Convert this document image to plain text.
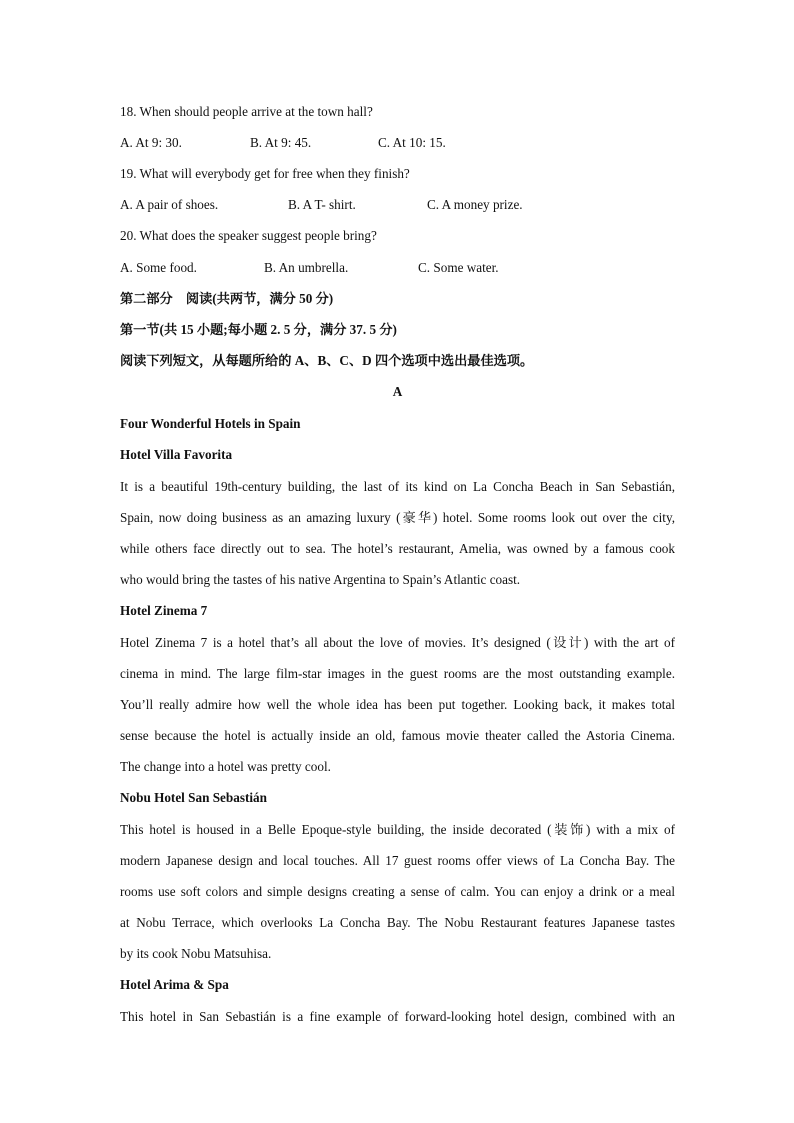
18. When should people arrive at the town hall?
A. At 9: 30.	B. At 9: 45.	C. At 10: 15.
19. What will everybody get for free when they finish?
A. A pair of shoes.	B. A T- shirt.	C. A money prize.
20. What does the speaker suggest people bring?
A. Some food.	B. An umbrella.	C. Some water.
第二部分　阅读(共两节，满分 50 分)
第一节(共 15 小题;每小题 2. 5 分，满分 37. 5 分)
阅读下列短文，从每题所给的 A、B、C、D 四个选项中选出最佳选项。
A
Four Wonderful Hotels in Spain
Hotel Villa Favorita
It is a beautiful 19th-century building, the last of its kind on La Concha Beach in San Sebastián,
Spain, now doing business as an amazing luxury (豪华) hotel. Some rooms look out over the city,
while others face directly out to sea. The hotel’s restaurant, Amelia, was owned by a famous cook
who would bring the tastes of his native Argentina to Spain’s Atlantic coast.
Hotel Zinema 7
Hotel Zinema 7 is a hotel that’s all about the love of movies. It’s designed (设计) with the art of
cinema in mind. The large film-star images in the guest rooms are the most outstanding example.
You’ll really admire how well the whole idea has been put together. Looking back, it makes total
sense because the hotel is actually inside an old, famous movie theater called the Astoria Cinema.
The change into a hotel was pretty cool.
Nobu Hotel San Sebastián
This hotel is housed in a Belle Epoque-style building, the inside decorated (装饰) with a mix of
modern Japanese design and local touches. All 17 guest rooms offer views of La Concha Bay. The
rooms use soft colors and simple designs creating a sense of calm. You can enjoy a drink or a meal
at Nobu Terrace, which overlooks La Concha Bay. The Nobu Restaurant features Japanese tastes
by its cook Nobu Matsuhisa.
Hotel Arima & Spa
This hotel in San Sebastián is a fine example of forward-looking hotel design, combined with an
